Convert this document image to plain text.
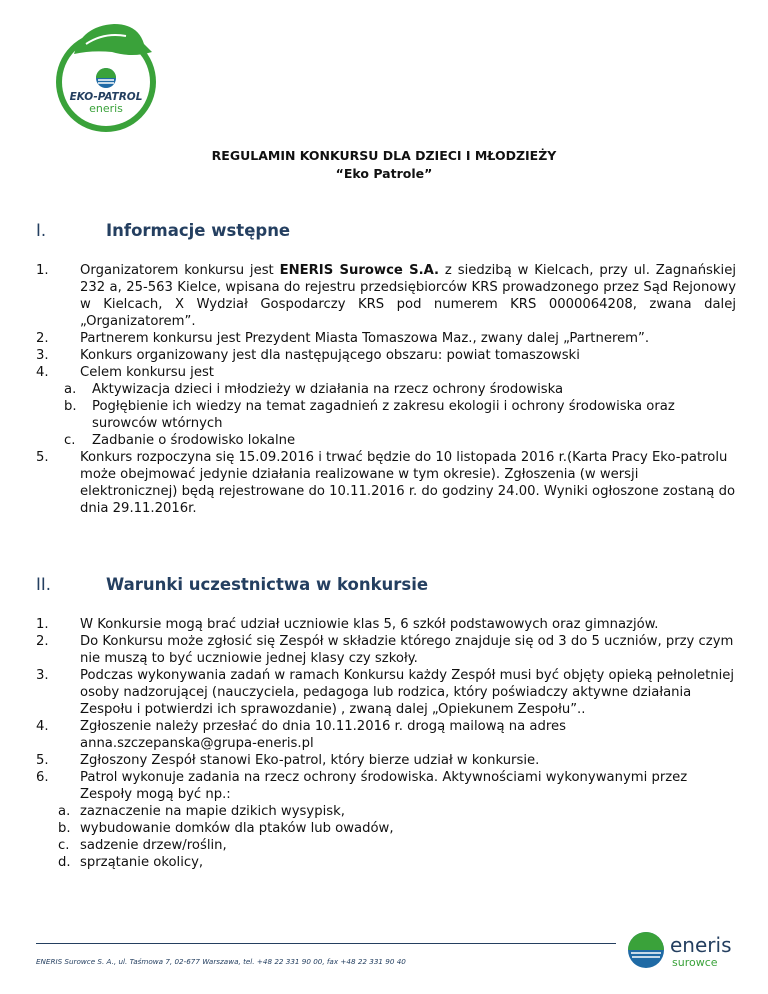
EKO-PATROL
eneris
REGULAMIN KONKURSU DLA DZIECI I MŁODZIEŻY
“Eko Patrole”
I.	Informacje wstępne
1. Organizatorem konkursu jest ENERIS Surowce S.A. z siedzibą w Kielcach, przy ul. Zagnańskiej 232 a, 25-563 Kielce, wpisana do rejestru przedsiębiorców KRS prowadzonego przez Sąd Rejonowy w Kielcach, X Wydział Gospodarczy KRS pod numerem KRS 0000064208, zwana dalej „Organizatorem”.
2. Partnerem konkursu jest Prezydent Miasta Tomaszowa Maz., zwany dalej „Partnerem”.
3. Konkurs organizowany jest dla następującego obszaru: powiat tomaszowski
4. Celem konkursu jest
a. Aktywizacja dzieci i młodzieży w działania na rzecz ochrony środowiska
b. Pogłębienie ich wiedzy na temat zagadnień z zakresu ekologii i ochrony środowiska oraz surowców wtórnych
c. Zadbanie o środowisko lokalne
5. Konkurs rozpoczyna się 15.09.2016 i trwać będzie do 10 listopada 2016 r.(Karta Pracy Eko-patrolu może obejmować jedynie działania realizowane w tym okresie). Zgłoszenia (w wersji elektronicznej) będą rejestrowane do 10.11.2016 r. do godziny 24.00. Wyniki ogłoszone zostaną do dnia 29.11.2016r.
II.	Warunki uczestnictwa w konkursie
1. W Konkursie mogą brać udział uczniowie klas 5, 6 szkół podstawowych oraz gimnazjów.
2. Do Konkursu może zgłosić się Zespół w składzie którego znajduje się od 3 do 5 uczniów, przy czym nie muszą to być uczniowie jednej klasy czy szkoły.
3. Podczas wykonywania zadań w ramach Konkursu każdy Zespół musi być objęty opieką pełnoletniej osoby nadzorującej (nauczyciela, pedagoga lub rodzica, który poświadczy aktywne działania Zespołu i potwierdzi ich sprawozdanie) , zwaną dalej „Opiekunem Zespołu”..
4. Zgłoszenie należy przesłać do dnia 10.11.2016 r. drogą mailową na adres anna.szczepanska@grupa-eneris.pl
5. Zgłoszony Zespół stanowi Eko-patrol, który bierze udział w konkursie.
6. Patrol wykonuje zadania na rzecz ochrony środowiska. Aktywnościami wykonywanymi przez Zespoły mogą być np.:
a. zaznaczenie na mapie dzikich wysypisk,
b. wybudowanie domków dla ptaków lub owadów,
c. sadzenie drzew/roślin,
d. sprzątanie okolicy,
ENERIS Surowce S. A., ul. Taśmowa 7, 02-677 Warszawa, tel. +48 22 331 90 00, fax +48 22 331 90 40
eneris
surowce
